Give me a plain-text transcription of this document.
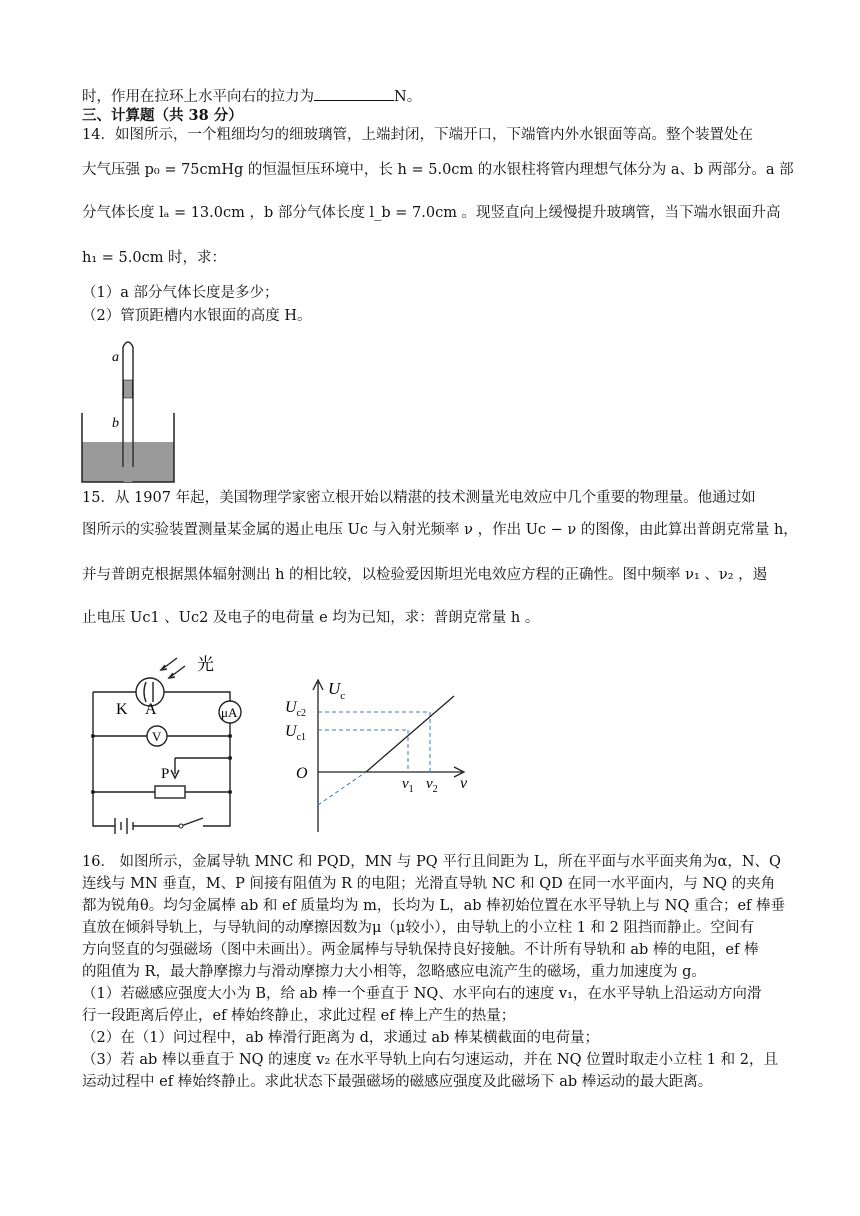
时，作用在拉环上水平向右的拉力为	N。
三、计算题（共 38 分）
14．如图所示，一个粗细均匀的细玻璃管，上端封闭，下端开口，下端管内外水银面等高。整个装置处在
大气压强 p₀ = 75cmHg 的恒温恒压环境中，长 h = 5.0cm 的水银柱将管内理想气体分为 a、b 两部分。a 部
分气体长度 lₐ = 13.0cm ，b 部分气体长度 l_b = 7.0cm 。现竖直向上缓慢提升玻璃管，当下端水银面升高
h₁ = 5.0cm 时，求：
（1）a 部分气体长度是多少；
（2）管顶距槽内水银面的高度 H。
a
b
15．从 1907 年起，美国物理学家密立根开始以精湛的技术测量光电效应中几个重要的物理量。他通过如
图所示的实验装置测量某金属的遏止电压 Uc 与入射光频率 ν ，作出 Uc − ν 的图像，由此算出普朗克常量 h，
并与普朗克根据黑体辐射测出 h 的相比较，以检验爱因斯坦光电效应方程的正确性。图中频率 ν₁ 、ν₂ ，遏
止电压 Uc1 、Uc2 及电子的电荷量 e 均为已知，求：普朗克常量 h 。
光
K A	μA
V
P
$U_c$
$U_{c2}$
$U_{c1}$
O
$\nu_1$ $\nu_2$ ν
16． 如图所示，金属导轨 MNC 和 PQD，MN 与 PQ 平行且间距为 L，所在平面与水平面夹角为α，N、Q
连线与 MN 垂直，M、P 间接有阻值为 R 的电阻；光滑直导轨 NC 和 QD 在同一水平面内，与 NQ 的夹角
都为锐角θ。均匀金属棒 ab 和 ef 质量均为 m，长均为 L，ab 棒初始位置在水平导轨上与 NQ 重合；ef 棒垂
直放在倾斜导轨上，与导轨间的动摩擦因数为μ（μ较小），由导轨上的小立柱 1 和 2 阻挡而静止。空间有
方向竖直的匀强磁场（图中未画出）。两金属棒与导轨保持良好接触。不计所有导轨和 ab 棒的电阻，ef 棒
的阻值为 R，最大静摩擦力与滑动摩擦力大小相等，忽略感应电流产生的磁场，重力加速度为 g。
（1）若磁感应强度大小为 B，给 ab 棒一个垂直于 NQ、水平向右的速度 v₁，在水平导轨上沿运动方向滑
行一段距离后停止，ef 棒始终静止，求此过程 ef 棒上产生的热量；
（2）在（1）问过程中，ab 棒滑行距离为 d，求通过 ab 棒某横截面的电荷量；
（3）若 ab 棒以垂直于 NQ 的速度 v₂ 在水平导轨上向右匀速运动，并在 NQ 位置时取走小立柱 1 和 2，且
运动过程中 ef 棒始终静止。求此状态下最强磁场的磁感应强度及此磁场下 ab 棒运动的最大距离。
